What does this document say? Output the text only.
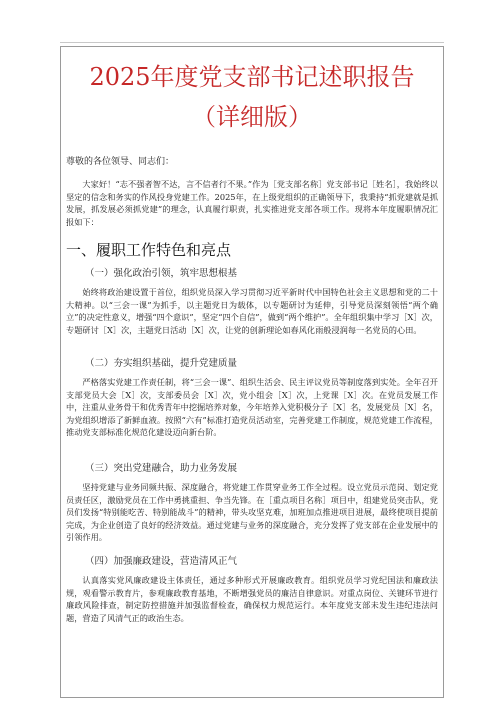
2025年度党支部书记述职报告
（详细版）
尊敬的各位领导、同志们：

大家好！“志不强者智不达，言不信者行不果。”作为［党支部名称］党支部书记［姓名］，我始终以坚定的信念和务实的作风投身党建工作。2025年，在上级党组织的正确领导下，我秉持“抓党建就是抓发展，抓发展必须抓党建”的理念，认真履行职责，扎实推进党支部各项工作。现将本年度履职情况汇报如下：

一、履职工作特色和亮点
（一）强化政治引领，筑牢思想根基

始终将政治建设置于首位，组织党员深入学习贯彻习近平新时代中国特色社会主义思想和党的二十大精神。以“三会一课”为抓手，以主题党日为载体，以专题研讨为延伸，引导党员深刻领悟“两个确立”的决定性意义，增强“四个意识”，坚定“四个自信”，做到“两个维护”。全年组织集中学习［X］次，专题研讨［X］次，主题党日活动［X］次，让党的创新理论如春风化雨般浸润每一名党员的心田。

（二）夯实组织基础，提升党建质量

严格落实党建工作责任制，将“三会一课”、组织生活会、民主评议党员等制度落到实处。全年召开支部党员大会［X］次，支部委员会［X］次，党小组会［X］次，上党课［X］次。在党员发展工作中，注重从业务骨干和优秀青年中挖掘培养对象，今年培养入党积极分子［X］名，发展党员［X］名，为党组织增添了新鲜血液。按照“六有”标准打造党员活动室，完善党建工作制度，规范党建工作流程，推动党支部标准化规范化建设迈向新台阶。

（三）突出党建融合，助力业务发展

坚持党建与业务同频共振、深度融合，将党建工作贯穿业务工作全过程。设立党员示范岗、划定党员责任区，激励党员在工作中勇挑重担、争当先锋。在［重点项目名称］项目中，组建党员突击队，党员们发扬“特别能吃苦、特别能战斗”的精神，带头攻坚克难，加班加点推进项目进展，最终使项目提前完成，为企业创造了良好的经济效益。通过党建与业务的深度融合，充分发挥了党支部在企业发展中的引领作用。

（四）加强廉政建设，营造清风正气

认真落实党风廉政建设主体责任，通过多种形式开展廉政教育。组织党员学习党纪国法和廉政法规，观看警示教育片，参观廉政教育基地，不断增强党员的廉洁自律意识。对重点岗位、关键环节进行廉政风险排查，制定防控措施并加强监督检查，确保权力规范运行。本年度党支部未发生违纪违法问题，营造了风清气正的政治生态。
